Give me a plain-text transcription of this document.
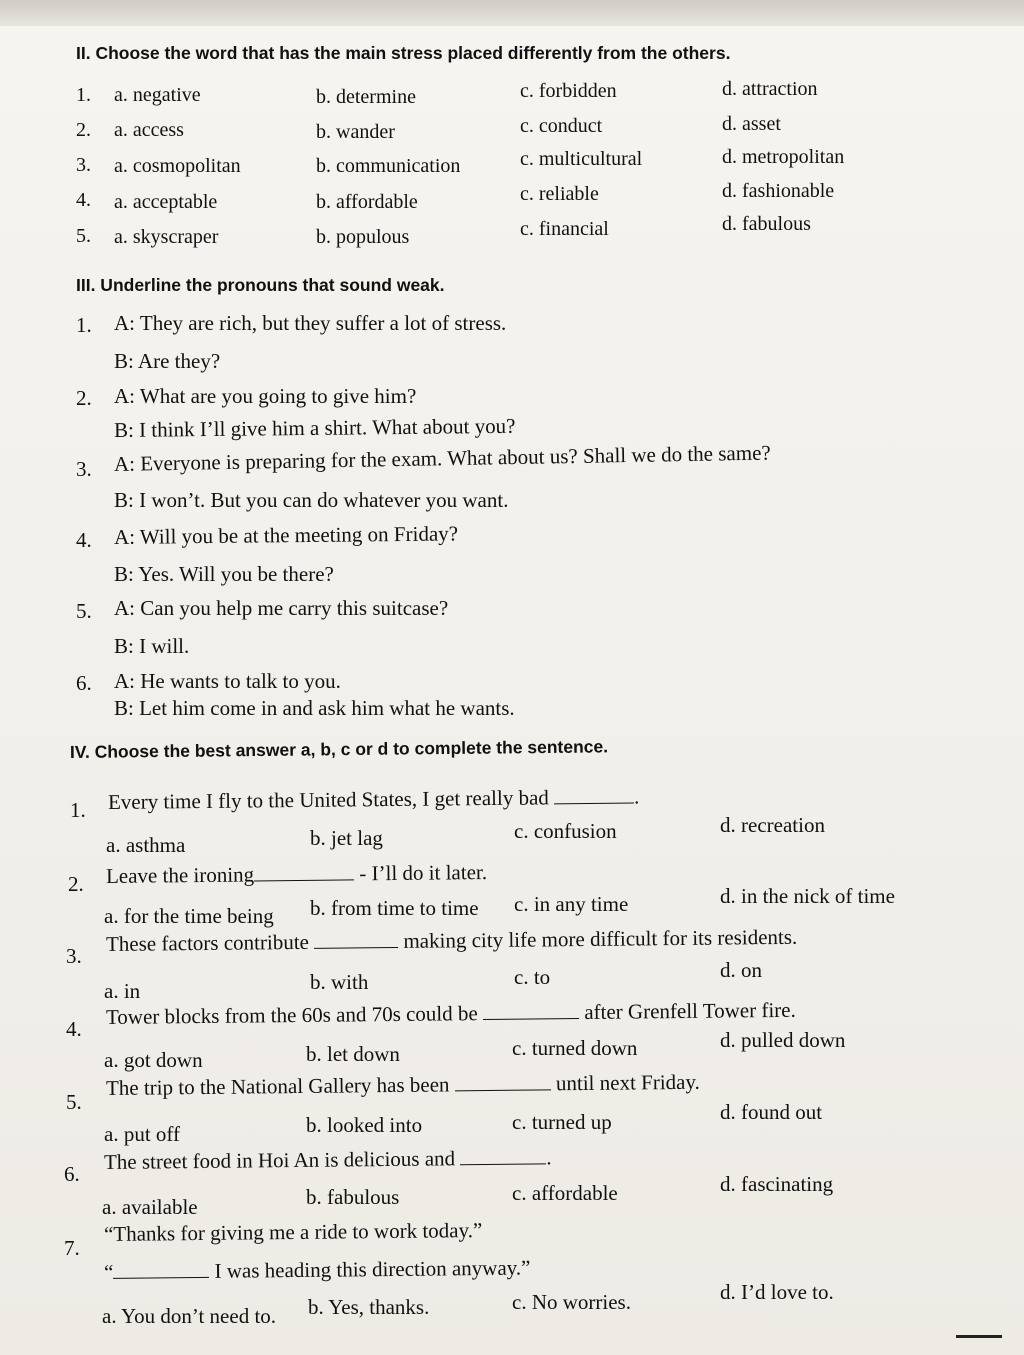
II. Choose the word that has the main stress placed differently from the others.
1. a. negative	b. determine	c. forbidden	d. attraction
2. a. access	b. wander	c. conduct	d. asset
3. a. cosmopolitan	b. communication	c. multicultural	d. metropolitan
4. a. acceptable	b. affordable	c. reliable	d. fashionable
5. a. skyscraper	b. populous	c. financial	d. fabulous
III. Underline the pronouns that sound weak.
1. A: They are rich, but they suffer a lot of stress.
B: Are they?
2. A: What are you going to give him?
B: I think I’ll give him a shirt. What about you?
3. A: Everyone is preparing for the exam. What about us? Shall we do the same?
B: I won’t. But you can do whatever you want.
4. A: Will you be at the meeting on Friday?
B: Yes. Will you be there?
5. A: Can you help me carry this suitcase?
B: I will.
6. A: He wants to talk to you.
B: Let him come in and ask him what he wants.
IV. Choose the best answer a, b, c or d to complete the sentence.
1. Every time I fly to the United States, I get really bad	.
a. asthma	b. jet lag	c. confusion	d. recreation
2. Leave the ironing	- I’ll do it later.
a. for the time being b. from time to time c. in any time	d. in the nick of time
3.
These factors contribute	making city life more difficult for its residents.
a. in	b. with	c. to	d. on
4.
Tower blocks from the 60s and 70s could be	after Grenfell Tower fire.
a. got down	b. let down	c. turned down	d. pulled down
5.
The trip to the National Gallery has been	until next Friday.
a. put off	b. looked into	c. turned up	d. found out
6.
The street food in Hoi An is delicious and	.
a. available	b. fabulous	c. affordable	d. fascinating
7.
“Thanks for giving me a ride to work today.”
“	I was heading this direction anyway.”
a. You don’t need to. b. Yes, thanks.	c. No worries.	d. I’d love to.
